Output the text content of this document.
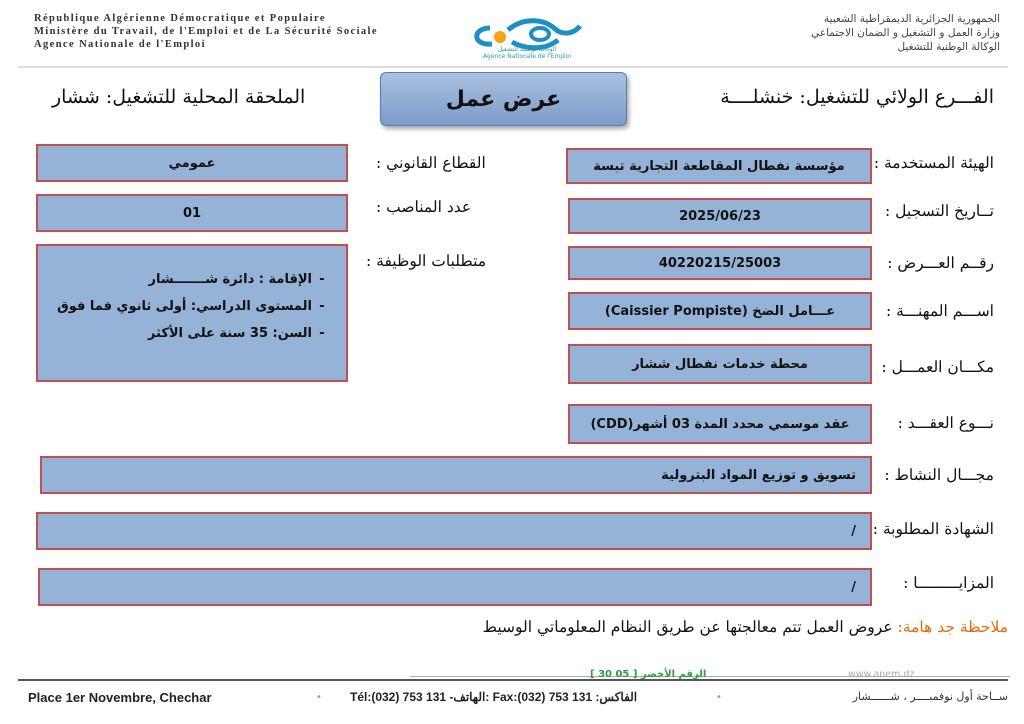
République Algérienne Démocratique et Populaire
Ministère du Travail, de l'Emploi et de La Sécurité Sociale
Agence Nationale de l'Emploi
الجمهورية الجزائرية الديمقراطية الشعبية
وزارة العمل و التشغيل و الضمان الاجتماعي
الوكالة الوطنية للتشغيل
الوكالة الوطنية للتشغيل
Agence Nationale de l'Emploi
الفـــرع الولائي للتشغيل: خنشلــــة
عرض عمل
الملحقة المحلية للتشغيل: ششار
الهيئة المستخدمة :
مؤسسة نفطال المقاطعة التجارية تبسة
تــاريخ التسجيل :
2025/06/23
رقــم العـــرض :
40220215/25003
اســـم المهنـــة :
عـــامل الضخ (Caissier Pompiste)
مكـــان العمـــل :
محطة خدمات نفطال ششار
نـــوع العقـــد :
عقد موسمي محدد المدة 03 أشهر(CDD)
القطاع القانوني :
عمومي
عدد المناصب :
01
متطلبات الوظيفة :
- الإقامة : دائرة شـــــــشار
- المستوى الدراسي: أولى ثانوي فما فوق
- السن: 35 سنة على الأكثر
مجـــال النشاط :
تسويق و توزيع المواد البترولية
الشهادة المطلوبة :
/
المزايـــــــــا :
/
ملاحظة جد هامة: عروض العمل تتم معالجتها عن طريق النظام المعلوماتي الوسيط
الرقم الأخضر [ 05 30 ]	www.anem.dz
Place 1er Novembre, Chechar	• Tél:(032) 753 131 -الهاتف: Fax:(032) 753 131 :الفاكس	•	ســاحة أول نوفمبــــر ، شــــــشار
